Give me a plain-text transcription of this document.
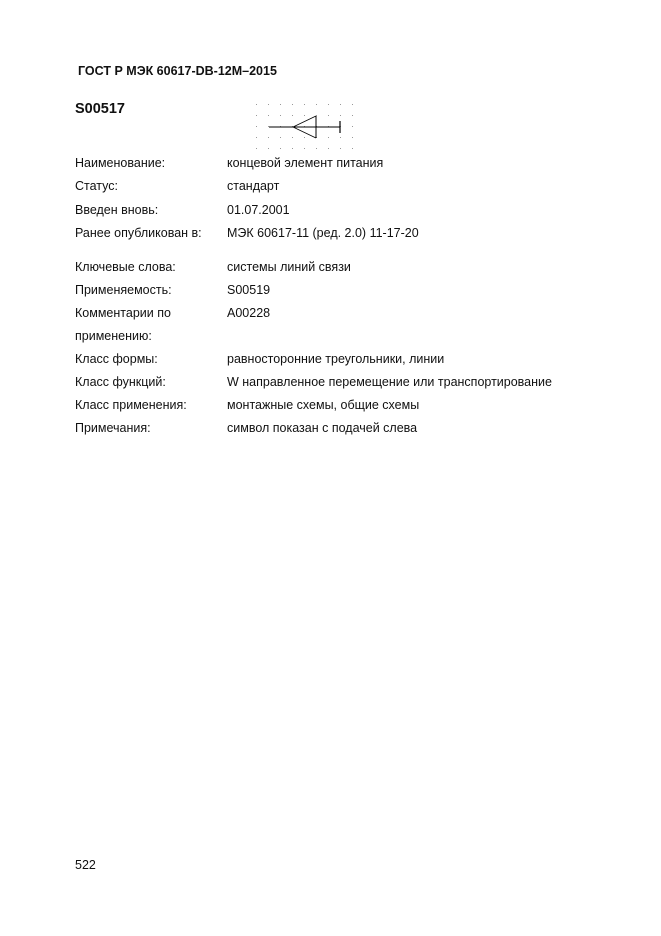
ГОСТ Р МЭК 60617-DB-12M–2015
S00517
Наименование:	концевой элемент питания
Статус:	стандарт
Введен вновь:	01.07.2001
Ранее опубликован в: МЭК 60617-11 (ред. 2.0) 11-17-20
Ключевые слова:	системы линий связи
Применяемость:	S00519
Комментарии по	A00228
применению:
Класс формы:	равносторонние треугольники, линии
Класс функций:	W направленное перемещение или транспортирование
Класс применения:	монтажные схемы, общие схемы
Примечания:	символ показан с подачей слева
522
